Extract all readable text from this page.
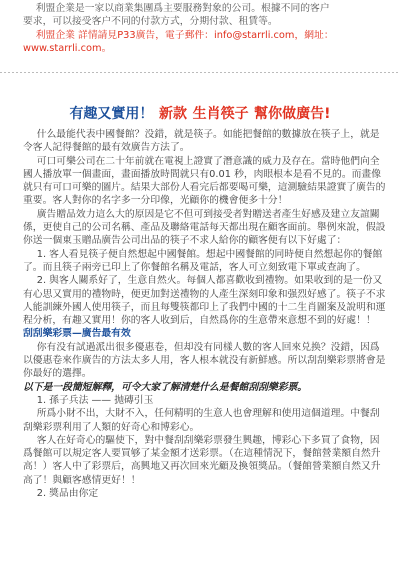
利盟企業是一家以商業集團爲主要服務對象的公司。根據不同的客户
要求，可以接受客户不同的付款方式，分期付款、租賃等。
利盟企業 詳情請見P33廣告，電子郵件：info@starrli.com，網址：
www.starrli.com。
有趣又實用！ 新款 生肖筷子 幫你做廣告!

什么最能代表中國餐館？没錯，就是筷子。如能把餐館的數據放在筷子上，就是令客人記得餐館的最有效廣告方法了。

可口可樂公司在二十年前就在電視上證實了潛意識的威力及存在。當時他們向全國人播放單一個畫面，畫面播放時間就只有0.01 秒，肉眼根本是看不見的。而畫像就只有可口可樂的圖片。結果大部份人看完后都要喝可樂，這測驗結果證實了廣告的重要。客人對你的名字多一分印像，光顧你的機會便多十分！

廣告贈品效力這么大的原因是它不但可到接受者對贈送者產生好感及建立友誼關係，更使自己的公司名稱、產品及聯絡電話每天都出現在顧客面前。舉例來說，假設你送一個東玉贈品廣告公司出品的筷子不求人給你的顧客便有以下好處了：

1. 客人看見筷子便自然想起中國餐館。想起中國餐館的同時便自然想起你的餐館了。而且筷子兩旁已印上了你餐館名稱及電話，客人可立刻致電下單或查詢了。

2. 與客人關系好了，生意自然火。每個人都喜歡收到禮物。如果收到的是一份又有心思又實用的禮物時，便更加對送禮物的人產生深刻印象和强烈好感了。筷子不求人能訓練外國人使用筷子，而且每雙筷都印上了我們中國的十二生肖圖案及說明和運程分析，有趣又實用！你的客人收到后，自然爲你的生意帶來意想不到的好處！！

刮刮樂彩票—廣告最有效

你有没有試過派出很多優惠卷，但却没有同樣人數的客人回來兑换？没錯，因爲以優惠卷來作廣告的方法太多人用，客人根本就没有新鮮感。所以刮刮樂彩票將會是你最好的選擇。

以下是一段簡短解釋，可令大家了解清楚什么是餐館刮刮樂彩票。

1. 孫子兵法 —— 抛磚引玉

所爲小財不出，大財不入，任何精明的生意人也會理解和使用這個道理。中餐刮刮樂彩票利用了人類的好奇心和博彩心。

客人在好奇心的驅使下，對中餐刮刮樂彩票發生興趣，博彩心下多買了食物，因爲餐館可以規定客人要買够了某金額才送彩票。（在這種情況下，餐館營業額自然升高！）客人中了彩票后，高興地又再次回來光顧及換領獎品。（餐館營業額自然又升高了！與顧客感情更好！！

2. 獎品由你定
